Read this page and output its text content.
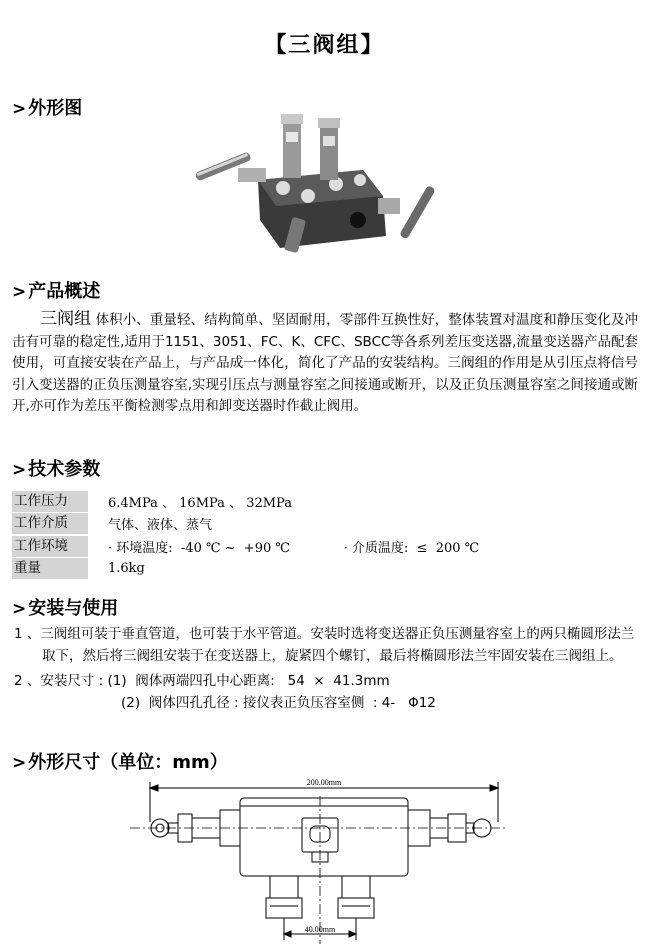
【三阀组】
> 外形图
> 产品概述
三阀组 体积小、重量轻、结构简单、坚固耐用，零部件互换性好，整体装置对温度和静压变化及冲击有可靠的稳定性,适用于1151、3051、FC、K、CFC、SBCC等各系列差压变送器,流量变送器产品配套使用，可直接安装在产品上，与产品成一体化，简化了产品的安装结构。三阀组的作用是从引压点将信号引入变送器的正负压测量容室,实现引压点与测量容室之间接通或断开，以及正负压测量容室之间接通或断开,亦可作为差压平衡检测零点用和卸变送器时作截止阀用。
> 技术参数
工作压力	6.4MPa 、 16MPa 、 32MPa
工作介质	气体、液体、蒸气
工作环境	· 环境温度:  -40 ℃ ~  +90 ℃             · 介质温度:  ≤  200 ℃
重量	1.6kg
> 安装与使用
1 、三阀组可装于垂直管道，也可装于水平管道。安装时选将变送器正负压测量容室上的两只椭圆形法兰取下，然后将三阀组安装于在变送器上，旋紧四个螺钉，最后将椭圆形法兰牢固安装在三阀组上。
2 、安装尺寸 : (1)  阀体两端四孔中心距离:   54  ×  41.3mm
(2)  阀体四孔孔径 : 接仪表正负压容室侧  : 4-   Φ12
> 外形尺寸（单位：mm）
200.00mm
40.00mm
